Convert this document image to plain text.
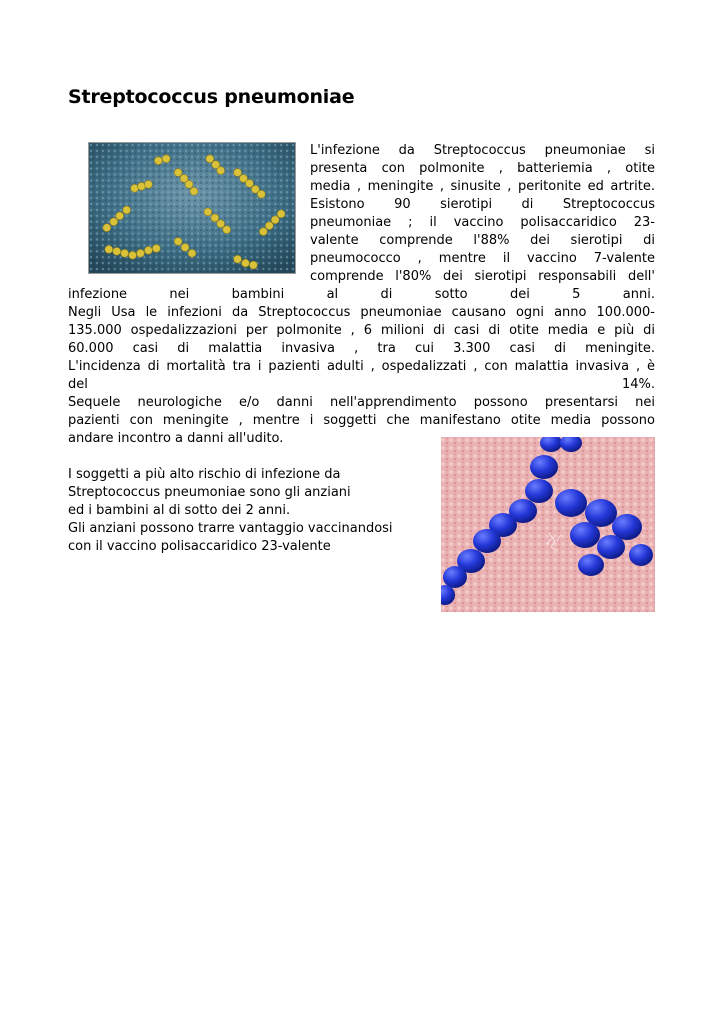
Streptococcus pneumoniae
L'infezione da Streptococcus pneumoniae si
presenta con polmonite , batteriemia , otite
media , meningite , sinusite , peritonite ed artrite.
Esistono 90 sierotipi di Streptococcus
pneumoniae ; il vaccino polisaccaridico 23-
valente comprende l'88% dei sierotipi di
pneumococco , mentre il vaccino 7-valente
comprende l'80% dei sierotipi responsabili dell'
infezione nei bambini al di sotto dei 5 anni.
Negli Usa le infezioni da Streptococcus pneumoniae causano ogni anno 100.000-
135.000 ospedalizzazioni per polmonite , 6 milioni di casi di otite media e più di
60.000 casi di malattia invasiva , tra cui 3.300 casi di meningite.
L'incidenza di mortalità tra i pazienti adulti , ospedalizzati , con malattia invasiva , è
del 14%.
Sequele neurologiche e/o danni nell'apprendimento possono presentarsi nei
pazienti con meningite , mentre i soggetti che manifestano otite media possono
andare incontro a danni all'udito.
I soggetti a più alto rischio di infezione da
Streptococcus pneumoniae sono gli anziani
ed i bambini al di sotto dei 2 anni.
Gli anziani possono trarre vantaggio vaccinandosi
con il vaccino polisaccaridico 23-valente
